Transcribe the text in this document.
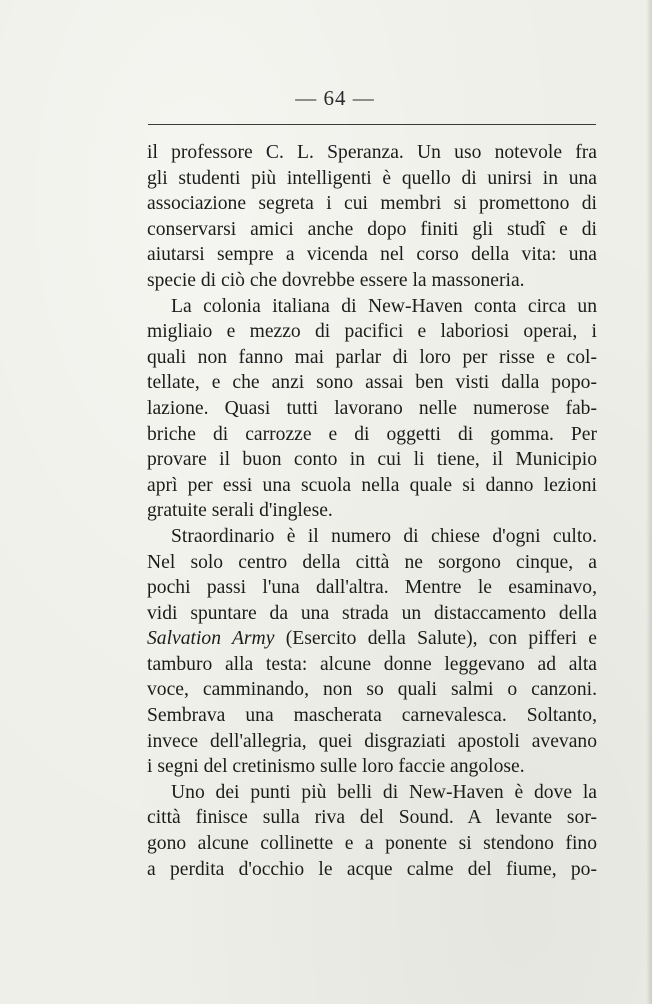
— 64 —
il professore C. L. Speranza. Un uso notevole fra
gli studenti più intelligenti è quello di unirsi in una
associazione segreta i cui membri si promettono di
conservarsi amici anche dopo finiti gli studî e di
aiutarsi sempre a vicenda nel corso della vita: una
specie di ciò che dovrebbe essere la massoneria.
La colonia italiana di New-Haven conta circa un
migliaio e mezzo di pacifici e laboriosi operai, i
quali non fanno mai parlar di loro per risse e col-
tellate, e che anzi sono assai ben visti dalla popo-
lazione. Quasi tutti lavorano nelle numerose fab-
briche di carrozze e di oggetti di gomma. Per
provare il buon conto in cui li tiene, il Municipio
aprì per essi una scuola nella quale si danno lezioni
gratuite serali d'inglese.
Straordinario è il numero di chiese d'ogni culto.
Nel solo centro della città ne sorgono cinque, a
pochi passi l'una dall'altra. Mentre le esaminavo,
vidi spuntare da una strada un distaccamento della
Salvation Army (Esercito della Salute), con pifferi e
tamburo alla testa: alcune donne leggevano ad alta
voce, camminando, non so quali salmi o canzoni.
Sembrava una mascherata carnevalesca. Soltanto,
invece dell'allegria, quei disgraziati apostoli avevano
i segni del cretinismo sulle loro faccie angolose.
Uno dei punti più belli di New-Haven è dove la
città finisce sulla riva del Sound. A levante sor-
gono alcune collinette e a ponente si stendono fino
a perdita d'occhio le acque calme del fiume, po-
